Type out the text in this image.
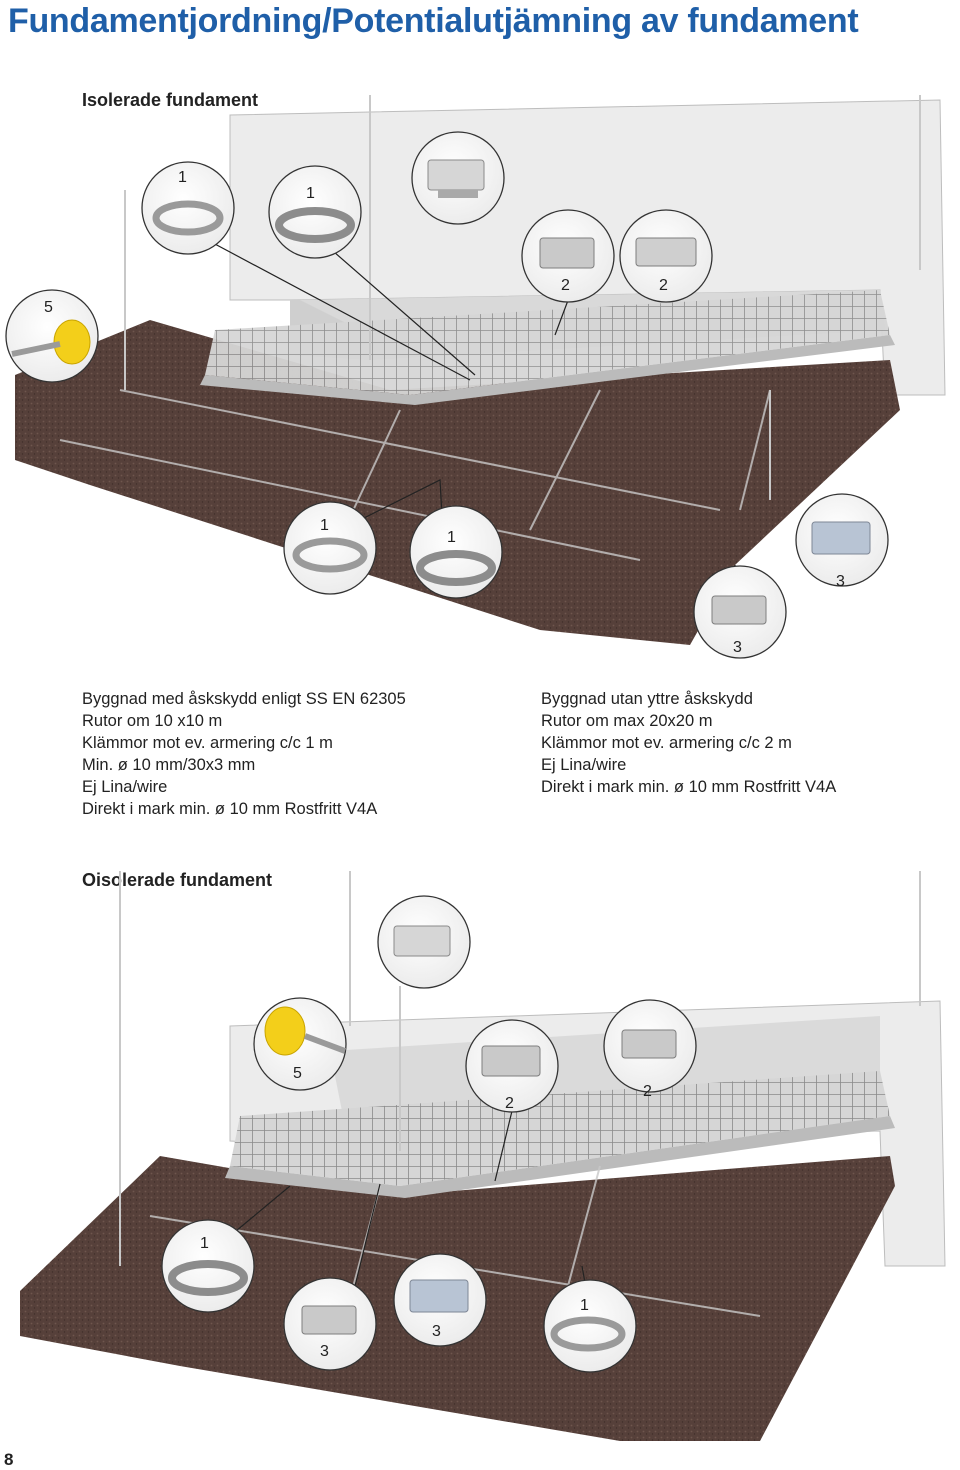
Fundamentjordning/Potentialutjämning av fundament
Isolerade fundament
1
1
5
2	2
1
1
3
3
Byggnad med åskskydd enligt SS EN 62305
Rutor om 10 x10 m
Klämmor mot ev. armering c/c 1 m
Min. ø 10 mm/30x3 mm
Ej Lina/wire
Direkt i mark min. ø 10 mm Rostfritt V4A
Byggnad utan yttre åskskydd
Rutor om max 20x20 m
Klämmor mot ev. armering c/c 2 m
Ej Lina/wire
Direkt i mark min. ø 10 mm Rostfritt V4A
Oisolerade fundament
5
2
2
1
3
3
1
8
